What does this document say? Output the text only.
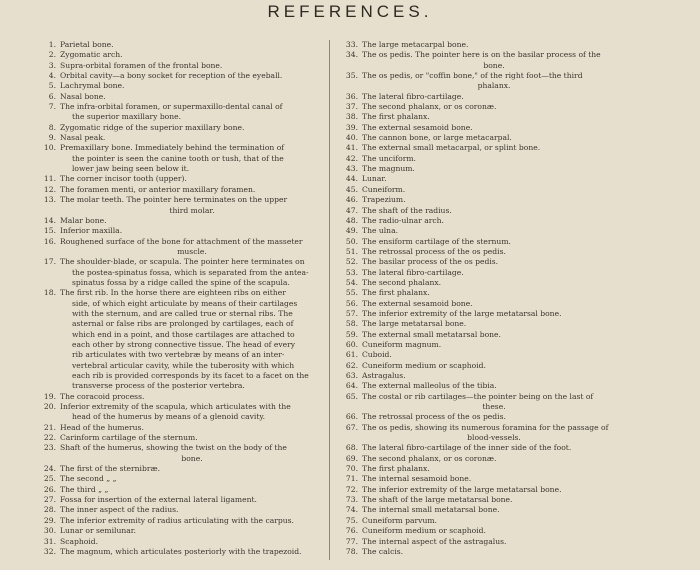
REFERENCES.
1. Parietal bone.
2. Zygomatic arch.
3. Supra-orbital foramen of the frontal bone.
4. Orbital cavity—a bony socket for reception of the eyeball.
5. Lachrymal bone.
6. Nasal bone.
7. The infra-orbital foramen, or supermaxillo-dental canal of
the superior maxillary bone.
8. Zygomatic ridge of the superior maxillary bone.
9. Nasal peak.
10. Premaxillary bone. Immediately behind the termination of
the pointer is seen the canine tooth or tush, that of the
lower jaw being seen below it.
11. The corner incisor tooth (upper).
12. The foramen menti, or anterior maxillary foramen.
13. The molar teeth. The pointer here terminates on the upper
third molar.
14. Malar bone.
15. Inferior maxilla.
16. Roughened surface of the bone for attachment of the masseter
muscle.
17. The shoulder-blade, or scapula. The pointer here terminates on
the postea-spinatus fossa, which is separated from the antea-
spinatus fossa by a ridge called the spine of the scapula.
18. The first rib. In the horse there are eighteen ribs on either
side, of which eight articulate by means of their cartilages
with the sternum, and are called true or sternal ribs. The
asternal or false ribs are prolonged by cartilages, each of
which end in a point, and those cartilages are attached to
each other by strong connective tissue. The head of every
rib articulates with two vertebræ by means of an inter-
vertebral articular cavity, while the tuberosity with which
each rib is provided corresponds by its facet to a facet on the
transverse process of the posterior vertebra.
19. The coracoid process.
20. Inferior extremity of the scapula, which articulates with the
head of the humerus by means of a glenoid cavity.
21. Head of the humerus.
22. Carinform cartilage of the sternum.
23. Shaft of the humerus, showing the twist on the body of the
bone.
24. The first of the sternibræ.
25. The second „ „
26. The third „ „
27. Fossa for insertion of the external lateral ligament.
28. The inner aspect of the radius.
29. The inferior extremity of radius articulating with the carpus.
30. Lunar or semilunar.
31. Scaphoid.
32. The magnum, which articulates posteriorly with the trapezoid.
33. The large metacarpal bone.
34. The os pedis. The pointer here is on the basilar process of the
bone.
35. The os pedis, or "coffin bone," of the right foot—the third
phalanx.
36. The lateral fibro-cartilage.
37. The second phalanx, or os coronæ.
38. The first phalanx.
39. The external sesamoid bone.
40. The cannon bone, or large metacarpal.
41. The external small metacarpal, or splint bone.
42. The unciform.
43. The magnum.
44. Lunar.
45. Cuneiform.
46. Trapezium.
47. The shaft of the radius.
48. The radio-ulnar arch.
49. The ulna.
50. The ensiform cartilage of the sternum.
51. The retrossal process of the os pedis.
52. The basilar process of the os pedis.
53. The lateral fibro-cartilage.
54. The second phalanx.
55. The first phalanx.
56. The external sesamoid bone.
57. The inferior extremity of the large metatarsal bone.
58. The large metatarsal bone.
59. The external small metatarsal bone.
60. Cuneiform magnum.
61. Cuboid.
62. Cuneiform medium or scaphoid.
63. Astragalus.
64. The external malleolus of the tibia.
65. The costal or rib cartilages—the pointer being on the last of
these.
66. The retrossal process of the os pedis.
67. The os pedis, showing its numerous foramina for the passage of
blood-vessels.
68. The lateral fibro-cartilage of the inner side of the foot.
69. The second phalanx, or os coronæ.
70. The first phalanx.
71. The internal sesamoid bone.
72. The inferior extremity of the large metatarsal bone.
73. The shaft of the large metatarsal bone.
74. The internal small metatarsal bone.
75. Cuneiform parvum.
76. Cuneiform medium or scaphoid.
77. The internal aspect of the astragalus.
78. The calcis.
